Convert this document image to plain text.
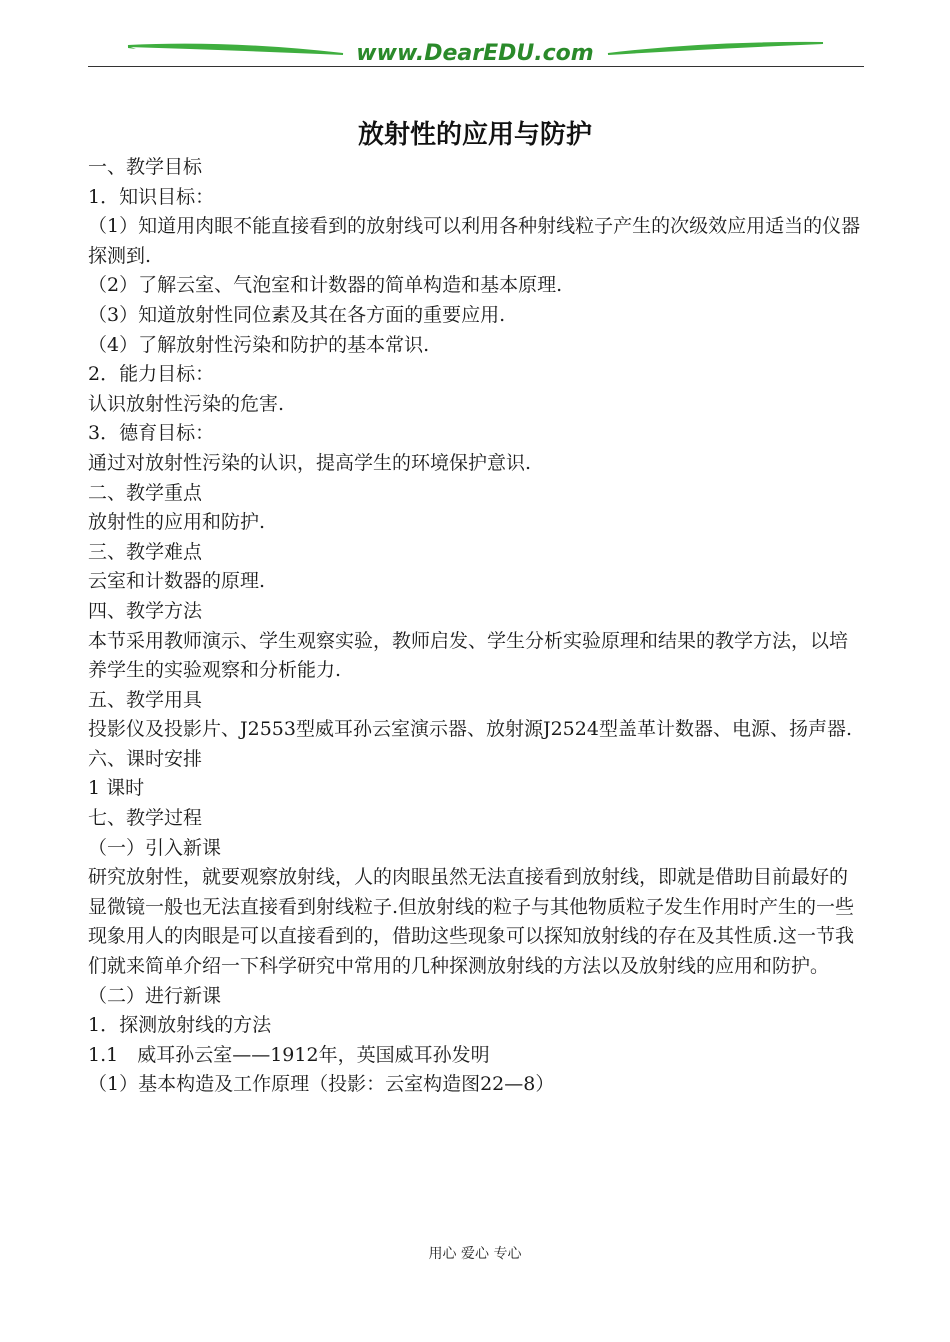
www.DearEDU.com
放射性的应用与防护

一、教学目标

1．知识目标：

（1）知道用肉眼不能直接看到的放射线可以利用各种射线粒子产生的次级效应用适当的仪器探测到.

（2）了解云室、气泡室和计数器的简单构造和基本原理.

（3）知道放射性同位素及其在各方面的重要应用.

（4）了解放射性污染和防护的基本常识.

2．能力目标：

认识放射性污染的危害.

3．德育目标：

通过对放射性污染的认识，提高学生的环境保护意识.

二、教学重点

放射性的应用和防护.

三、教学难点

云室和计数器的原理.

四、教学方法

本节采用教师演示、学生观察实验，教师启发、学生分析实验原理和结果的教学方法，以培养学生的实验观察和分析能力.

五、教学用具

投影仪及投影片、J2553型威耳孙云室演示器、放射源J2524型盖革计数器、电源、扬声器.

六、课时安排

1 课时

七、教学过程

（一）引入新课

研究放射性，就要观察放射线，人的肉眼虽然无法直接看到放射线，即就是借助目前最好的显微镜一般也无法直接看到射线粒子.但放射线的粒子与其他物质粒子发生作用时产生的一些现象用人的肉眼是可以直接看到的，借助这些现象可以探知放射线的存在及其性质.这一节我们就来简单介绍一下科学研究中常用的几种探测放射线的方法以及放射线的应用和防护。

（二）进行新课

1．探测放射线的方法

1.1　威耳孙云室——1912年，英国威耳孙发明

（1）基本构造及工作原理（投影：云室构造图22—8）

用心 爱心 专心
